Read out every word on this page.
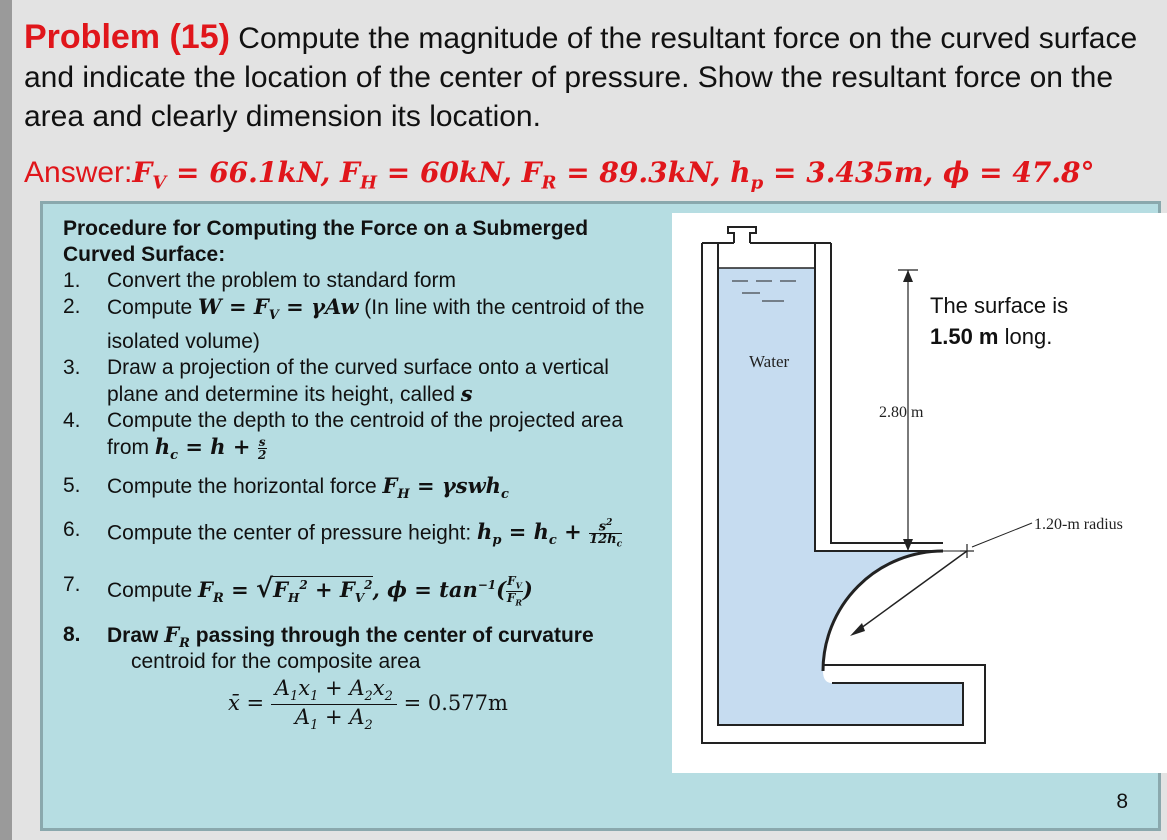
Problem (15) Compute the magnitude of the resultant force on the curved surface and indicate the location of the center of pressure. Show the resultant force on the area and clearly dimension its location.
$Answer:F_V = 66.1kN$, $F_H = 60kN$, $F_R = 89.3kN$, $h_p = 3.435m$, ϕ = 47.8°
Procedure for Computing the Force on a Submerged Curved Surface:
1. Convert the problem to standard form
2. Compute $W = F_V = \gamma Aw$ (In line with the centroid of the isolated volume)
3. Draw a projection of the curved surface onto a vertical plane and determine its height, called s
4. Compute the depth to the centroid of the projected area from $h_c = h + \frac{s}{2}$
5. Compute the horizontal force $F_H = \gamma swh_c$
6. Compute the center of pressure height: $h_p = h_c + \frac{s^2}{12h_c}$
7. Compute $F_R = √F_H^2 + F_V^2$, $\phi = \tan^{-1}( \frac{F_V}{F_R}$ )
8. Draw $F_R$ passing through the center of curvature
centroid for the composite area
x̄ = $\frac{A_1x_1 + A_2x_2}{A_1 + A_2} = 0.577m$
Water
2.80 m
1.20-m radius
The surface is
1.50 m long.
8
